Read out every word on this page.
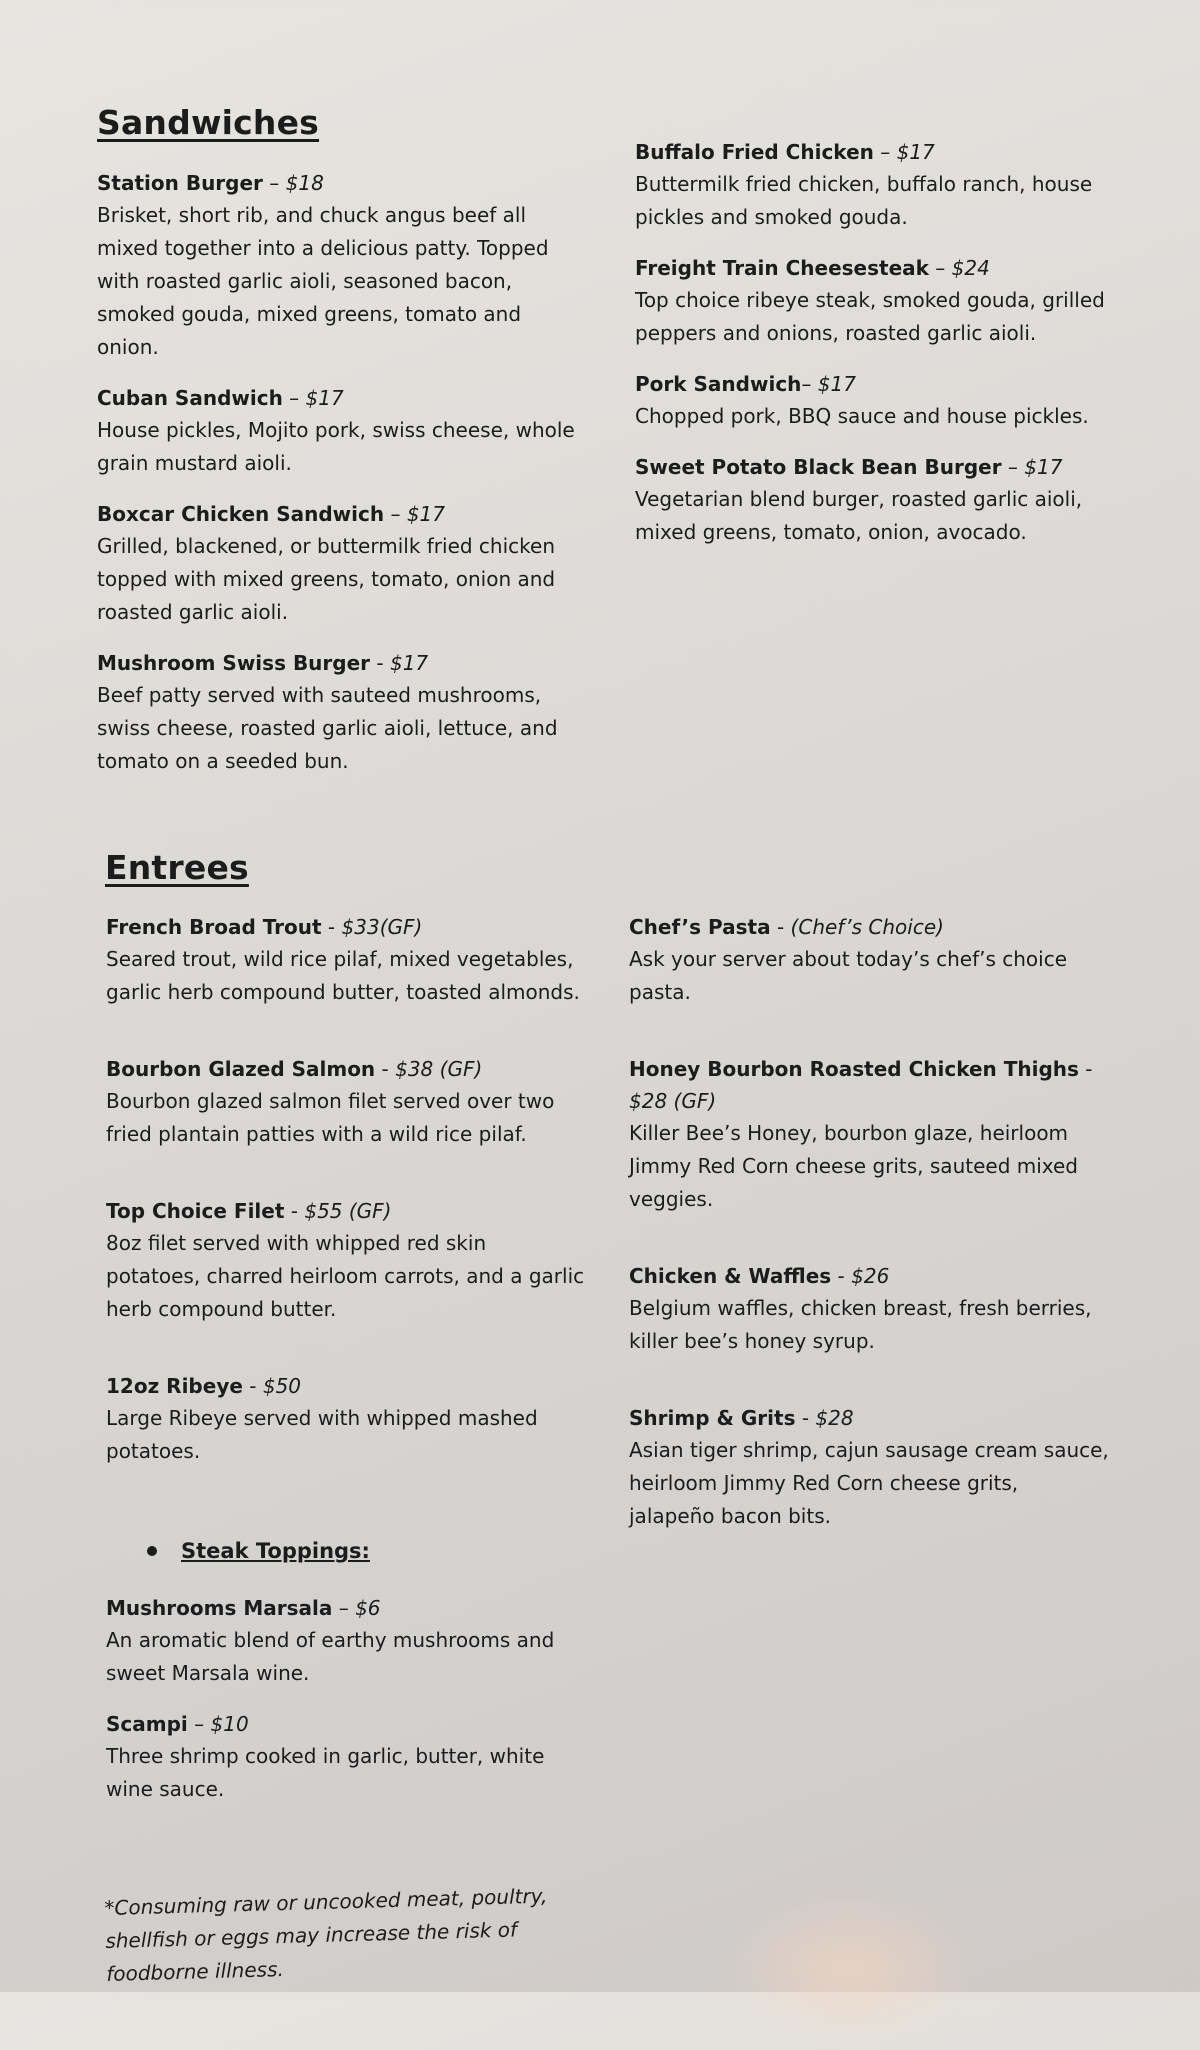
Sandwiches
Station Burger – $18

Brisket, short rib, and chuck angus beef all mixed together into a delicious patty. Topped with roasted garlic aioli, seasoned bacon, smoked gouda, mixed greens, tomato and onion.

Cuban Sandwich – $17

House pickles, Mojito pork, swiss cheese, whole grain mustard aioli.

Boxcar Chicken Sandwich – $17

Grilled, blackened, or buttermilk fried chicken topped with mixed greens, tomato, onion and roasted garlic aioli.

Mushroom Swiss Burger - $17

Beef patty served with sauteed mushrooms, swiss cheese, roasted garlic aioli, lettuce, and tomato on a seeded bun.

Buffalo Fried Chicken – $17

Buttermilk fried chicken, buffalo ranch, house pickles and smoked gouda.

Freight Train Cheesesteak – $24

Top choice ribeye steak, smoked gouda, grilled peppers and onions, roasted garlic aioli.

Pork Sandwich– $17

Chopped pork, BBQ sauce and house pickles.

Sweet Potato Black Bean Burger – $17

Vegetarian blend burger, roasted garlic aioli, mixed greens, tomato, onion, avocado.

Entrees
French Broad Trout - $33(GF)

Seared trout, wild rice pilaf, mixed vegetables, garlic herb compound butter, toasted almonds.

Bourbon Glazed Salmon - $38 (GF)

Bourbon glazed salmon filet served over two fried plantain patties with a wild rice pilaf.

Top Choice Filet - $55 (GF)

8oz filet served with whipped red skin potatoes, charred heirloom carrots, and a garlic herb compound butter.

12oz Ribeye - $50

Large Ribeye served with whipped mashed potatoes.

Chef’s Pasta - (Chef’s Choice)

Ask your server about today’s chef’s choice pasta.

Honey Bourbon Roasted Chicken Thighs - $28 (GF)

Killer Bee’s Honey, bourbon glaze, heirloom Jimmy Red Corn cheese grits, sauteed mixed veggies.

Chicken & Waffles - $26

Belgium waffles, chicken breast, fresh berries, killer bee’s honey syrup.

Shrimp & Grits - $28

Asian tiger shrimp, cajun sausage cream sauce, heirloom Jimmy Red Corn cheese grits, jalapeño bacon bits.

Steak Toppings:
Mushrooms Marsala – $6

An aromatic blend of earthy mushrooms and sweet Marsala wine.

Scampi – $10

Three shrimp cooked in garlic, butter, white wine sauce.

*Consuming raw or uncooked meat, poultry, shellfish or eggs may increase the risk of foodborne illness.
